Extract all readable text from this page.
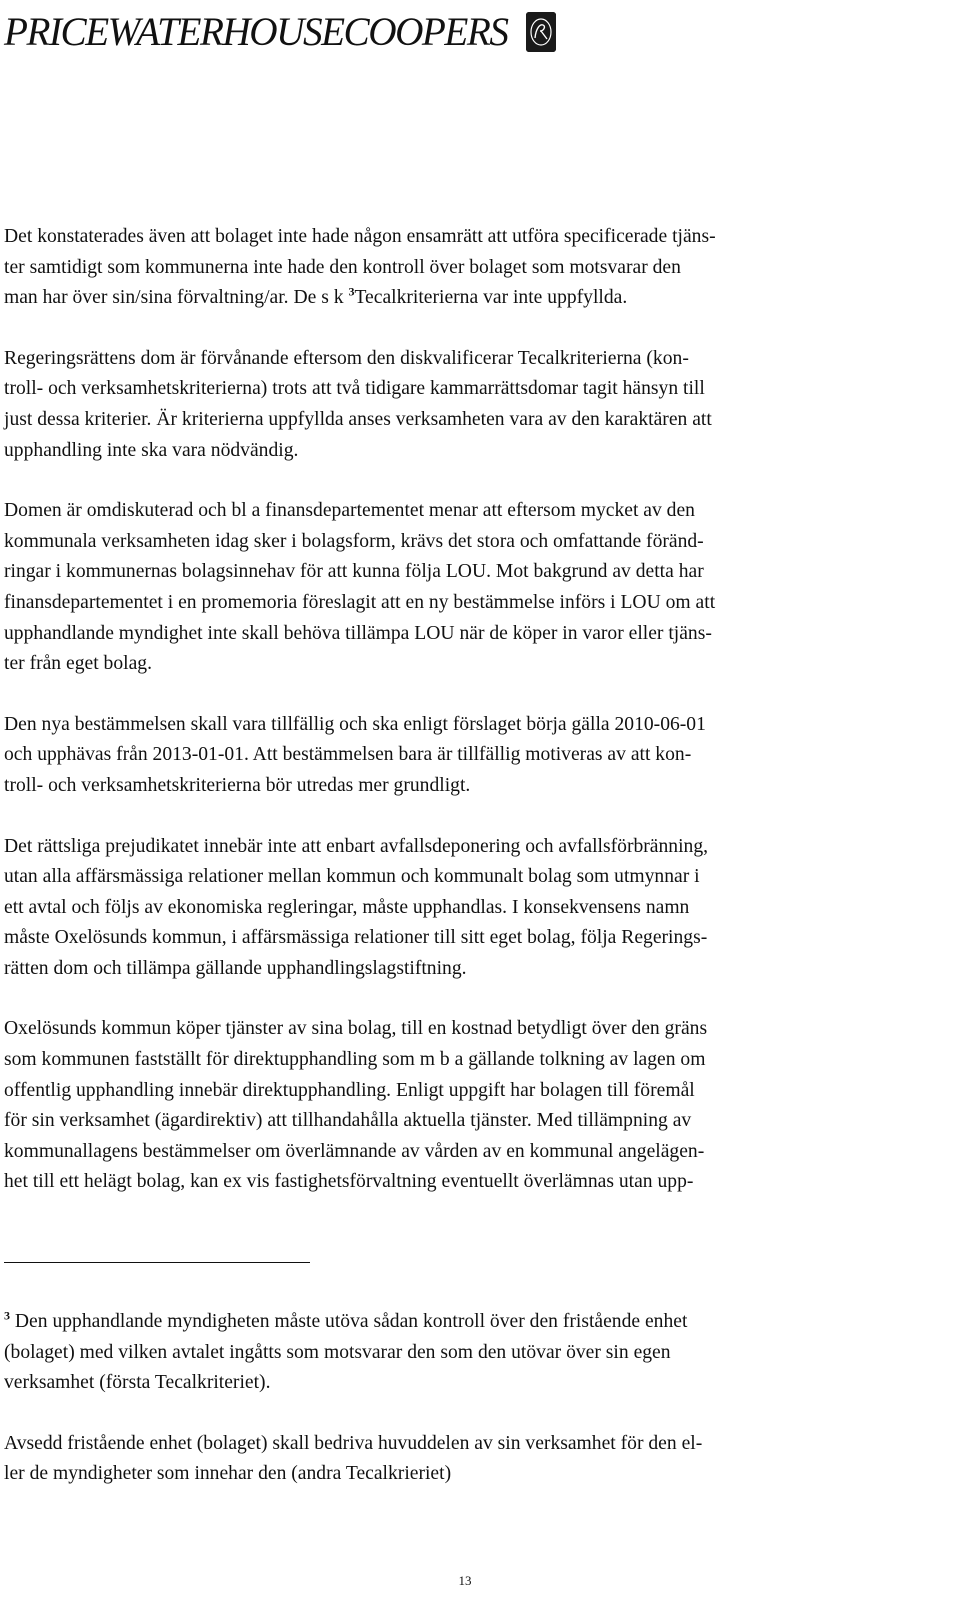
PRICEWATERHOUSECOOPERS

Det konstaterades även att bolaget inte hade någon ensamrätt att utföra specificerade tjäns-
ter samtidigt som kommunerna inte hade den kontroll över bolaget som motsvarar den
man har över sin/sina förvaltning/ar. De s k $^3$Tecalkriterierna var inte uppfyllda.

Regeringsrättens dom är förvånande eftersom den diskvalificerar Tecalkriterierna (kon-
troll- och verksamhetskriterierna) trots att två tidigare kammarrättsdomar tagit hänsyn till
just dessa kriterier. Är kriterierna uppfyllda anses verksamheten vara av den karaktären att
upphandling inte ska vara nödvändig.

Domen är omdiskuterad och bl a finansdepartementet menar att eftersom mycket av den
kommunala verksamheten idag sker i bolagsform, krävs det stora och omfattande föränd-
ringar i kommunernas bolagsinnehav för att kunna följa LOU. Mot bakgrund av detta har
finansdepartementet i en promemoria föreslagit att en ny bestämmelse införs i LOU om att
upphandlande myndighet inte skall behöva tillämpa LOU när de köper in varor eller tjäns-
ter från eget bolag.

Den nya bestämmelsen skall vara tillfällig och ska enligt förslaget börja gälla 2010-06-01
och upphävas från 2013-01-01. Att bestämmelsen bara är tillfällig motiveras av att kon-
troll- och verksamhetskriterierna bör utredas mer grundligt.

Det rättsliga prejudikatet innebär inte att enbart avfallsdeponering och avfallsförbränning,
utan alla affärsmässiga relationer mellan kommun och kommunalt bolag som utmynnar i
ett avtal och följs av ekonomiska regleringar, måste upphandlas. I konsekvensens namn
måste Oxelösunds kommun, i affärsmässiga relationer till sitt eget bolag, följa Regerings-
rätten dom och tillämpa gällande upphandlingslagstiftning.

Oxelösunds kommun köper tjänster av sina bolag, till en kostnad betydligt över den gräns
som kommunen fastställt för direktupphandling som m b a gällande tolkning av lagen om
offentlig upphandling innebär direktupphandling. Enligt uppgift har bolagen till föremål
för sin verksamhet (ägardirektiv) att tillhandahålla aktuella tjänster. Med tillämpning av
kommunallagens bestämmelser om överlämnande av vården av en kommunal angelägen-
het till ett helägt bolag, kan ex vis fastighetsförvaltning eventuellt överlämnas utan upp-

$^3$ Den upphandlande myndigheten måste utöva sådan kontroll över den fristående enhet
(bolaget) med vilken avtalet ingåtts som motsvarar den som den utövar över sin egen
verksamhet (första Tecalkriteriet).

Avsedd fristående enhet (bolaget) skall bedriva huvuddelen av sin verksamhet för den el-
ler de myndigheter som innehar den (andra Tecalkrieriet)

13
